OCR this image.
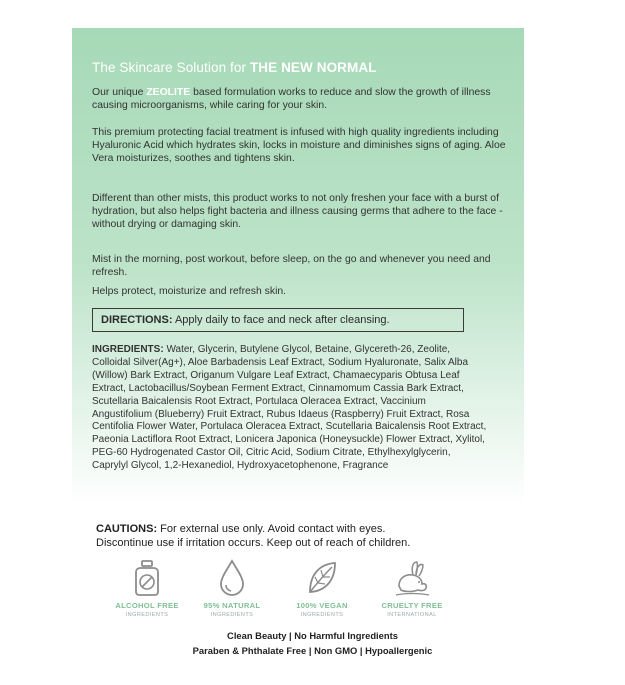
The Skincare Solution for THE NEW NORMAL
Our unique ZEOLITE based formulation works to reduce and slow the growth of illness causing microorganisms, while caring for your skin.
This premium protecting facial treatment is infused with high quality ingredients including Hyaluronic Acid which hydrates skin, locks in moisture and diminishes signs of aging. Aloe Vera moisturizes, soothes and tightens skin.
Different than other mists, this product works to not only freshen your face with a burst of hydration, but also helps fight bacteria and illness causing germs that adhere to the face - without drying or damaging skin.
Mist in the morning, post workout, before sleep, on the go and whenever you need and refresh.
Helps protect, moisturize and refresh skin.
DIRECTIONS: Apply daily to face and neck after cleansing.
INGREDIENTS: Water, Glycerin, Butylene Glycol, Betaine, Glycereth-26, Zeolite, Colloidal Silver(Ag+), Aloe Barbadensis Leaf Extract, Sodium Hyaluronate, Salix Alba (Willow) Bark Extract, Origanum Vulgare Leaf Extract, Chamaecyparis Obtusa Leaf Extract, Lactobacillus/Soybean Ferment Extract, Cinnamomum Cassia Bark Extract, Scutellaria Baicalensis Root Extract, Portulaca Oleracea Extract, Vaccinium Angustifolium (Blueberry) Fruit Extract, Rubus Idaeus (Raspberry) Fruit Extract, Rosa Centifolia Flower Water, Portulaca Oleracea Extract, Scutellaria Baicalensis Root Extract, Paeonia Lactiflora Root Extract, Lonicera Japonica (Honeysuckle) Flower Extract, Xylitol, PEG-60 Hydrogenated Castor Oil, Citric Acid, Sodium Citrate, Ethylhexylglycerin, Caprylyl Glycol, 1,2-Hexanediol, Hydroxyacetophenone, Fragrance
CAUTIONS: For external use only. Avoid contact with eyes.
Discontinue use if irritation occurs. Keep out of reach of children.
ALCOHOL FREE
INGREDIENTS
95% NATURAL
INGREDIENTS
100% VEGAN
INGREDIENTS
CRUELTY FREE
INTERNATIONAL
Clean Beauty | No Harmful Ingredients
Paraben & Phthalate Free | Non GMO | Hypoallergenic
